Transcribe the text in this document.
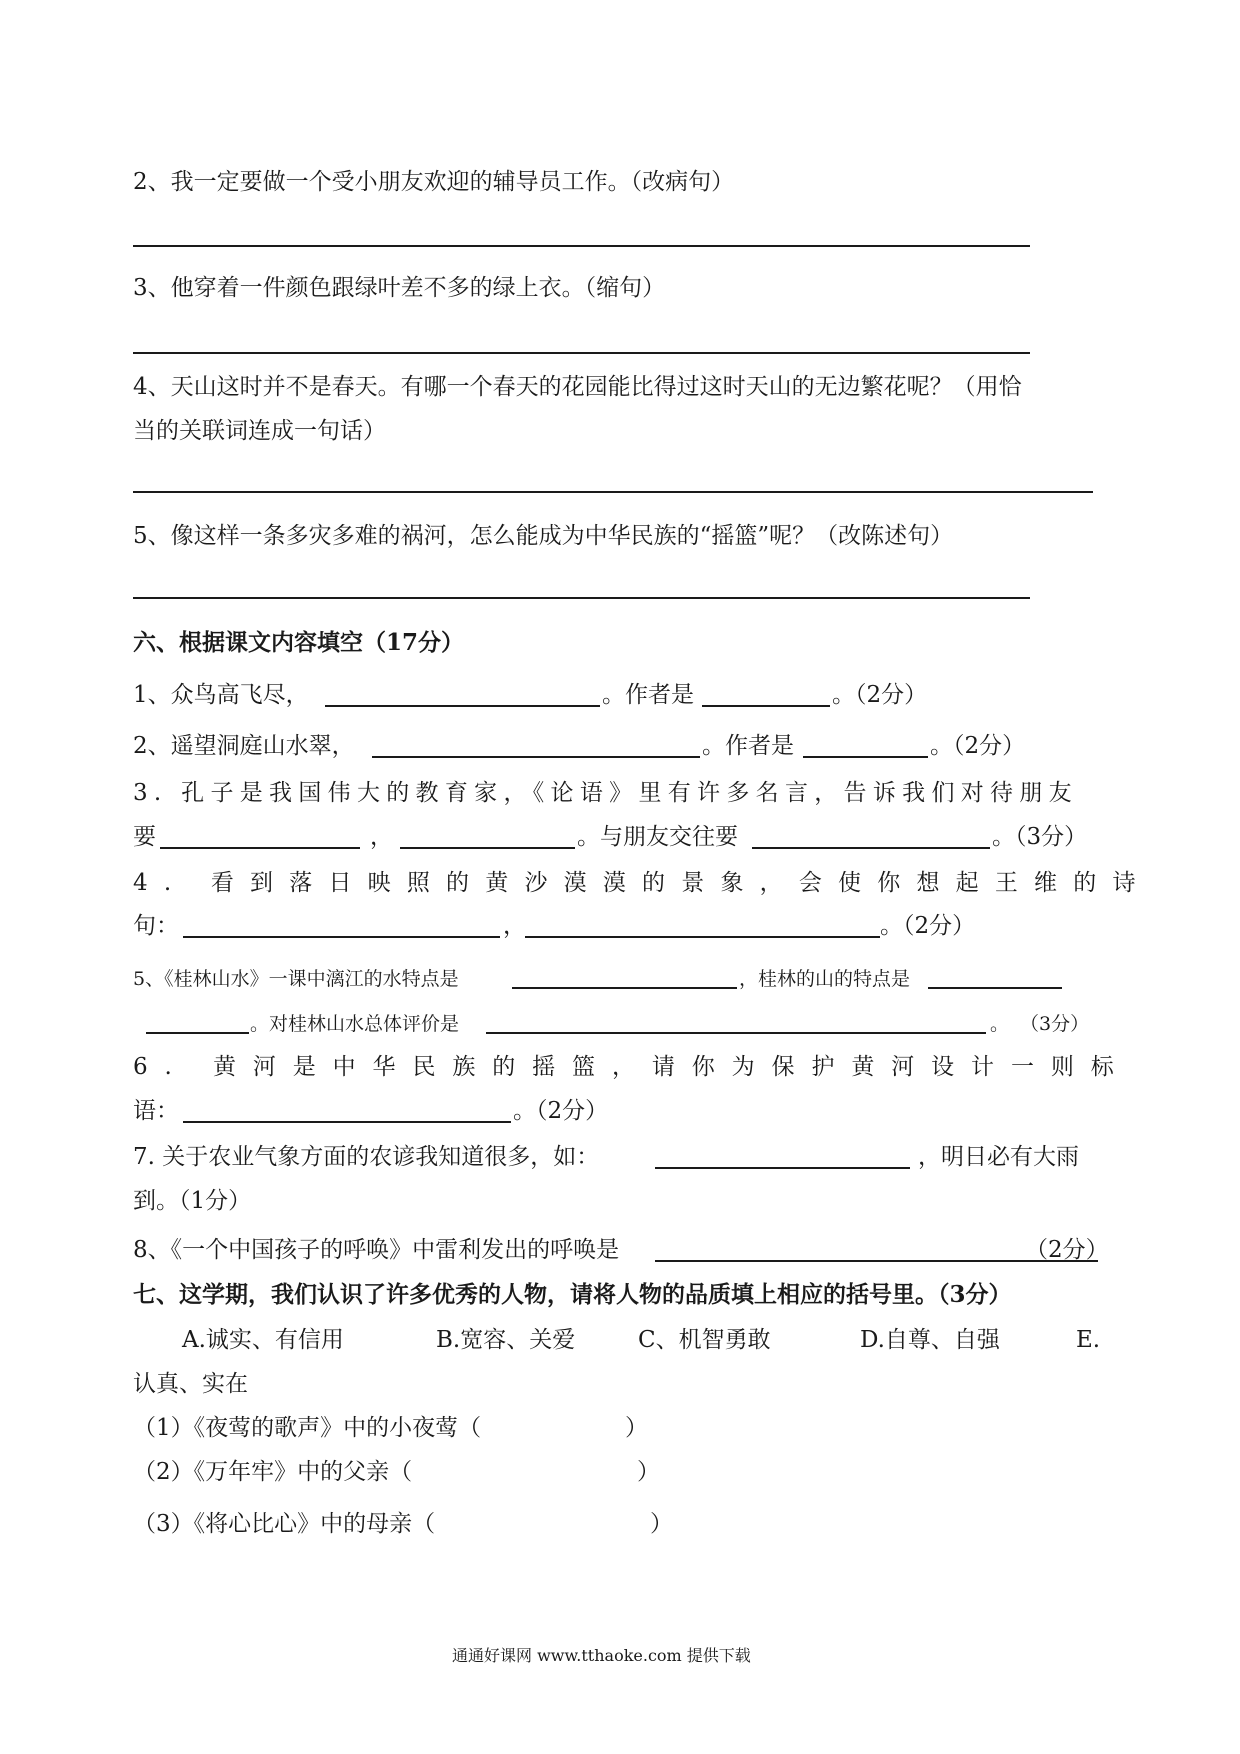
2、我一定要做一个受小朋友欢迎的辅导员工作。（改病句）
3、他穿着一件颜色跟绿叶差不多的绿上衣。（缩句）
4、天山这时并不是春天。有哪一个春天的花园能比得过这时天山的无边繁花呢？（用恰
当的关联词连成一句话）
5、像这样一条多灾多难的祸河，怎么能成为中华民族的“摇篮”呢？（改陈述句）
六、根据课文内容填空（17分）
1、众鸟高飞尽，	。作者是	。（2分）
2、遥望洞庭山水翠，	。作者是	。（2分）
3. 孔子是我国伟大的教育家，《论语》里有许多名言，告诉我们对待朋友
要	，	。与朋友交往要	。（3分）
4. 看到落日映照的黄沙漠漠的景象，会使你想起王维的诗
句：	，	。（2分）
5、《桂林山水》一课中漓江的水特点是	，桂林的山的特点是
。对桂林山水总体评价是	。 （3分）
6. 黄河是中华民族的摇篮，请你为保护黄河设计一则标
语：	。（2分）
7. 关于农业气象方面的农谚我知道很多，如：	，明日必有大雨
到。（1分）
8、《一个中国孩子的呼唤》中雷利发出的呼唤是	（2分）
七、这学期，我们认识了许多优秀的人物，请将人物的品质填上相应的括号里。（3分）
A.诚实、有信用	B.宽容、关爱	C、机智勇敢	D.自尊、自强	E.
认真、实在
（1）《夜莺的歌声》中的小夜莺（	）
（2）《万年牢》中的父亲（	）
（3）《将心比心》中的母亲（	）
通通好课网 www.tthaoke.com 提供下载
